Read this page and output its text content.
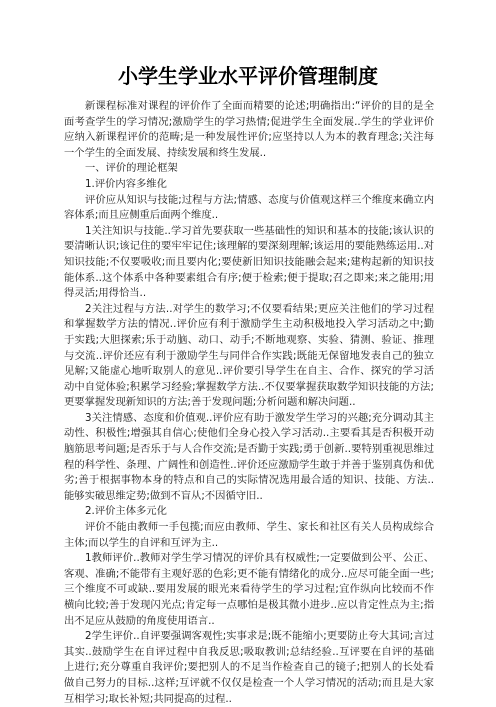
小学生学业水平评价管理制度

新课程标准对课程的评价作了全面而精要的论述;明确指出:“评价的目的是全面考查学生的学习情况;激励学生的学习热情;促进学生全面发展..学生的学业评价应纳入新课程评价的范畴;是一种发展性评价;应坚持以人为本的教育理念;关注每一个学生的全面发展、持续发展和终生发展..

一、评价的理论框架

1.评价内容多维化

评价应从知识与技能;过程与方法;情感、态度与价值观这样三个维度来确立内容体系;而且应侧重后面两个维度..

1关注知识与技能..学习首先要获取一些基础性的知识和基本的技能;该认识的要清晰认识;该记住的要牢牢记住;该理解的要深刻理解;该运用的要能熟练运用..对知识技能;不仅要吸收;而且要内化;要使新旧知识技能融会起来;建构起新的知识技能体系..这个体系中各种要素组合有序;便于检索;便于提取;召之即来;来之能用;用得灵活;用得恰当..

2关注过程与方法..对学生的数学习;不仅要看结果;更应关注他们的学习过程和掌握数学方法的情况..评价应有利于激励学生主动积极地投入学习活动之中;勤于实践;大胆探索;乐于动脑、动口、动手;不断地观察、实验、猜测、验证、推理与交流..评价还应有利于激励学生与同伴合作实践;既能无保留地发表自己的独立见解;又能虚心地听取别人的意见..评价要引导学生在自主、合作、探究的学习活动中自觉体验;积累学习经验;掌握数学方法..不仅要掌握获取数学知识技能的方法;更要掌握发现新知识的方法;善于发现问题;分析问题和解决问题..

3关注情感、态度和价值观..评价应有助于激发学生学习的兴趣;充分调动其主动性、积极性;增强其自信心;使他们全身心投入学习活动..主要看其是否积极开动脑筋思考问题;是否乐于与人合作交流;是否勤于实践;勇于创新..要特别重视思维过程的科学性、条理、广阔性和创造性..评价还应激励学生敢于并善于鉴别真伪和优劣;善于根据事物本身的特点和自己的实际情况选用最合适的知识、技能、方法..能够实破思维定势;做到不盲从;不因循守旧..

2.评价主体多元化

评价不能由教师一手包揽;而应由教师、学生、家长和社区有关人员构成综合主体;而以学生的自评和互评为主..

1教师评价..教师对学生学习情况的评价具有权威性;一定要做到公平、公正、客观、准确;不能带有主观好恶的色彩;更不能有情绪化的成分..应尽可能全面一些;三个维度不可或缺..要用发展的眼光来看待学生的学习过程;宜作纵向比较而不作横向比较;善于发现闪光点;肯定每一点哪怕是极其微小进步..应以肯定性点为主;指出不足应从鼓励的角度使用语言..

2学生评价..自评要强调客观性;实事求是;既不能缩小;更要防止夸大其词;言过其实..鼓励学生在自评过程中自我反思;吸取教训;总结经验..互评要在自评的基础上进行;充分尊重自我评价;要把别人的不足当作检查自己的镜子;把别人的长处看做自己努力的目标..这样;互评就不仅仅是检查一个人学习情况的活动;而且是大家互相学习;取长补短;共同提高的过程..
